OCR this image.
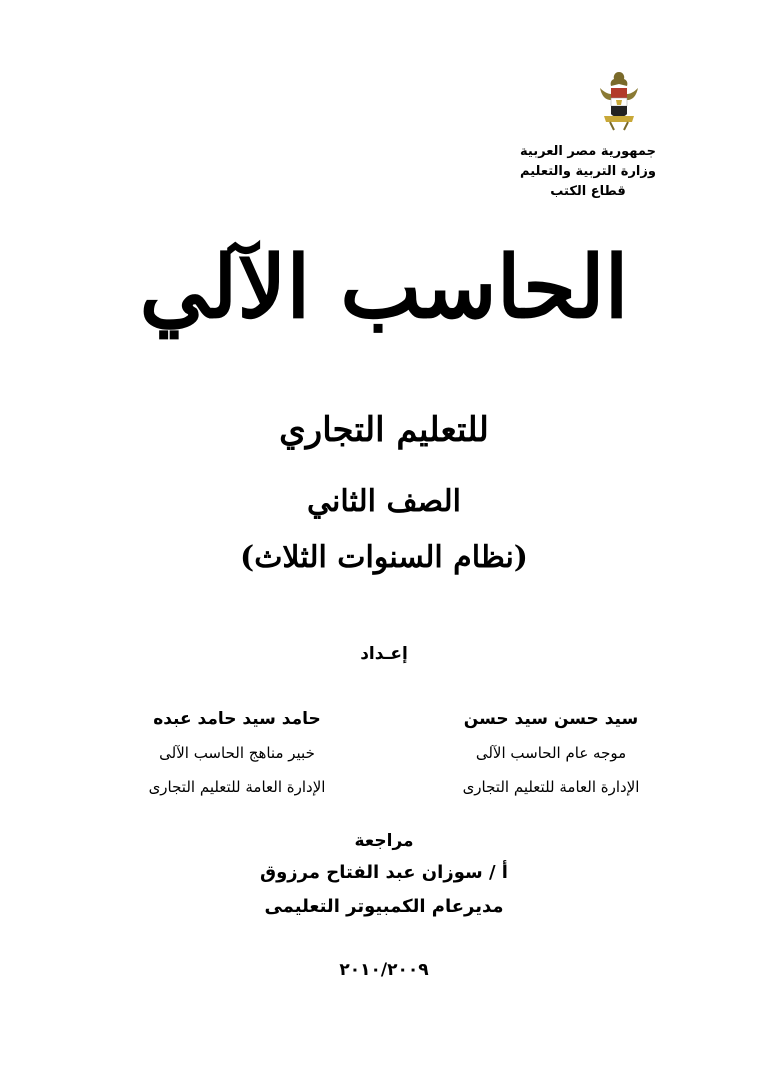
جمهورية مصر العربية
وزارة التربية والتعليم
قطاع الكتب
الحاسب الآلي
للتعليم التجاري
الصف الثاني
(نظام السنوات الثلاث)
إعـداد
سيد حسن سيد حسن
موجه عام الحاسب الآلى
الإدارة العامة للتعليم التجارى
حامد سيد حامد عبده
خبير مناهج الحاسب الآلى
الإدارة العامة للتعليم التجارى
مراجعة
أ / سوزان عبد الفتاح مرزوق
مديرعام الكمبيوتر التعليمى
٢٠١٠/٢٠٠٩
